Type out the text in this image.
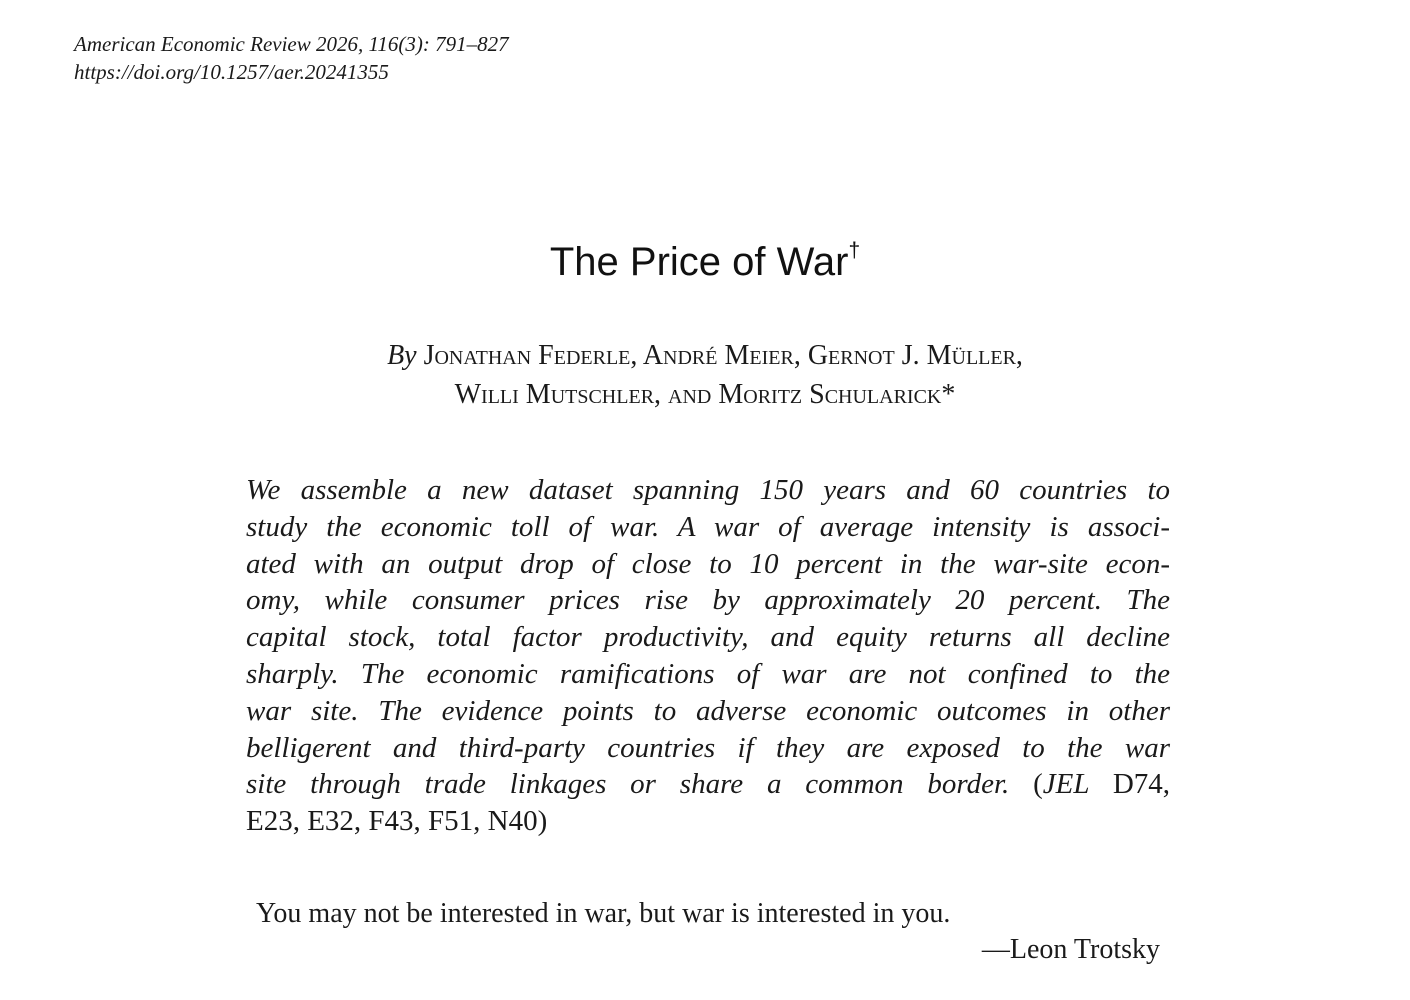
American Economic Review 2026, 116(3): 791–827
https://doi.org/10.1257/aer.20241355
The Price of War†
By Jonathan Federle, André Meier, Gernot J. Müller,
Willi Mutschler, and Moritz Schularick*
We assemble a new dataset spanning 150 years and 60 countries to
study the economic toll of war. A war of average intensity is associ-
ated with an output drop of close to 10 percent in the war-site econ-
omy, while consumer prices rise by approximately 20 percent. The
capital stock, total factor productivity, and equity returns all decline
sharply. The economic ramifications of war are not confined to the
war site. The evidence points to adverse economic outcomes in other
belligerent and third-party countries if they are exposed to the war
site through trade linkages or share a common border. (JEL D74,
E23, E32, F43, F51, N40)
You may not be interested in war, but war is interested in you.
—Leon Trotsky
